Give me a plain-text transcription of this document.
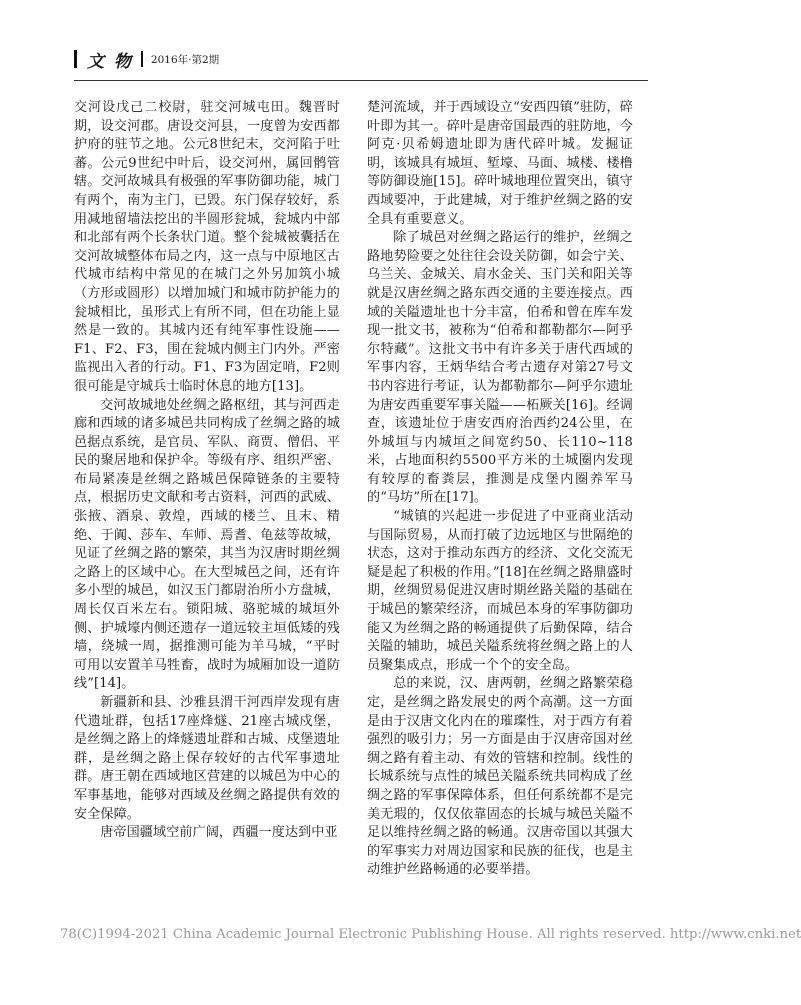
文 物 2016年·第2期

交河设戊己二校尉，驻交河城屯田。魏晋时期，设交河郡。唐设交河县，一度曾为安西都护府的驻节之地。公元8世纪末，交河陷于吐蕃。公元9世纪中叶后，设交河州，属回鹘管辖。交河故城具有极强的军事防御功能，城门有两个，南为主门，已毁。东门保存较好，系用减地留墙法挖出的半圆形瓮城，瓮城内中部和北部有两个长条状门道。整个瓮城被囊括在交河故城整体布局之内，这一点与中原地区古代城市结构中常见的在城门之外另加筑小城（方形或圆形）以增加城门和城市防护能力的瓮城相比，虽形式上有所不同，但在功能上显然是一致的。其城内还有纯军事性设施——F1、F2、F3，围在瓮城内侧主门内外。严密监视出入者的行动。F1、F3为固定哨，F2则很可能是守城兵士临时休息的地方[13]。

交河故城地处丝绸之路枢纽，其与河西走廊和西域的诸多城邑共同构成了丝绸之路的城邑据点系统，是官员、军队、商贾、僧侣、平民的聚居地和保护伞。等级有序、组织严密、布局紧凑是丝绸之路城邑保障链条的主要特点，根据历史文献和考古资料，河西的武威、张掖、酒泉、敦煌，西域的楼兰、且末、精绝、于阗、莎车、车师、焉耆、龟兹等故城，见证了丝绸之路的繁荣，其当为汉唐时期丝绸之路上的区域中心。在大型城邑之间，还有许多小型的城邑，如汉玉门都尉治所小方盘城，周长仅百米左右。锁阳城、骆驼城的城垣外侧、护城壕内侧还遗存一道远较主垣低矮的残墙，绕城一周，据推测可能为羊马城，“平时可用以安置羊马牲畜，战时为城厢加设一道防线”[14]。

新疆新和县、沙雅县渭干河西岸发现有唐代遗址群，包括17座烽燧、21座古城戍堡，是丝绸之路上的烽燧遗址群和古城、戍堡遗址群，是丝绸之路上保存较好的古代军事遗址群。唐王朝在西域地区营建的以城邑为中心的军事基地，能够对西域及丝绸之路提供有效的安全保障。

唐帝国疆域空前广阔，西疆一度达到中亚

楚河流域，并于西域设立“安西四镇”驻防，碎叶即为其一。碎叶是唐帝国最西的驻防地，今阿克·贝希姆遗址即为唐代碎叶城。发掘证明，该城具有城垣、堑壕、马面、城楼、楼橹等防御设施[15]。碎叶城地理位置突出，镇守西域要冲，于此建城，对于维护丝绸之路的安全具有重要意义。

除了城邑对丝绸之路运行的维护，丝绸之路地势险要之处往往会设关防御，如会宁关、乌兰关、金城关、肩水金关、玉门关和阳关等就是汉唐丝绸之路东西交通的主要连接点。西域的关隘遗址也十分丰富，伯希和曾在库车发现一批文书，被称为“伯希和都勒都尔—阿乎尔特藏”。这批文书中有许多关于唐代西域的军事内容，王炳华结合考古遗存对第27号文书内容进行考证，认为都勒都尔—阿乎尔遗址为唐安西重要军事关隘——柘厥关[16]。经调查，该遗址位于唐安西府治西约24公里，在外城垣与内城垣之间宽约50、长110~118米，占地面积约5500平方米的土城圈内发现有较厚的畜粪层，推测是戍堡内圈养军马的“马坊”所在[17]。

“城镇的兴起进一步促进了中亚商业活动与国际贸易，从而打破了边远地区与世隔绝的状态，这对于推动东西方的经济、文化交流无疑是起了积极的作用。”[18]在丝绸之路鼎盛时期，丝绸贸易促进汉唐时期丝路关隘的基础在于城邑的繁荣经济，而城邑本身的军事防御功能又为丝绸之路的畅通提供了后勤保障，结合关隘的辅助，城邑关隘系统将丝绸之路上的人员聚集成点，形成一个个的安全岛。

总的来说，汉、唐两朝，丝绸之路繁荣稳定，是丝绸之路发展史的两个高潮。这一方面是由于汉唐文化内在的璀璨性，对于西方有着强烈的吸引力；另一方面是由于汉唐帝国对丝绸之路有着主动、有效的管辖和控制。线性的长城系统与点性的城邑关隘系统共同构成了丝绸之路的军事保障体系，但任何系统都不是完美无瑕的，仅仅依靠固态的长城与城邑关隘不足以维持丝绸之路的畅通。汉唐帝国以其强大的军事实力对周边国家和民族的征伐，也是主动维护丝路畅通的必要举措。

78(C)1994-2021 China Academic Journal Electronic Publishing House. All rights reserved. http://www.cnki.net
